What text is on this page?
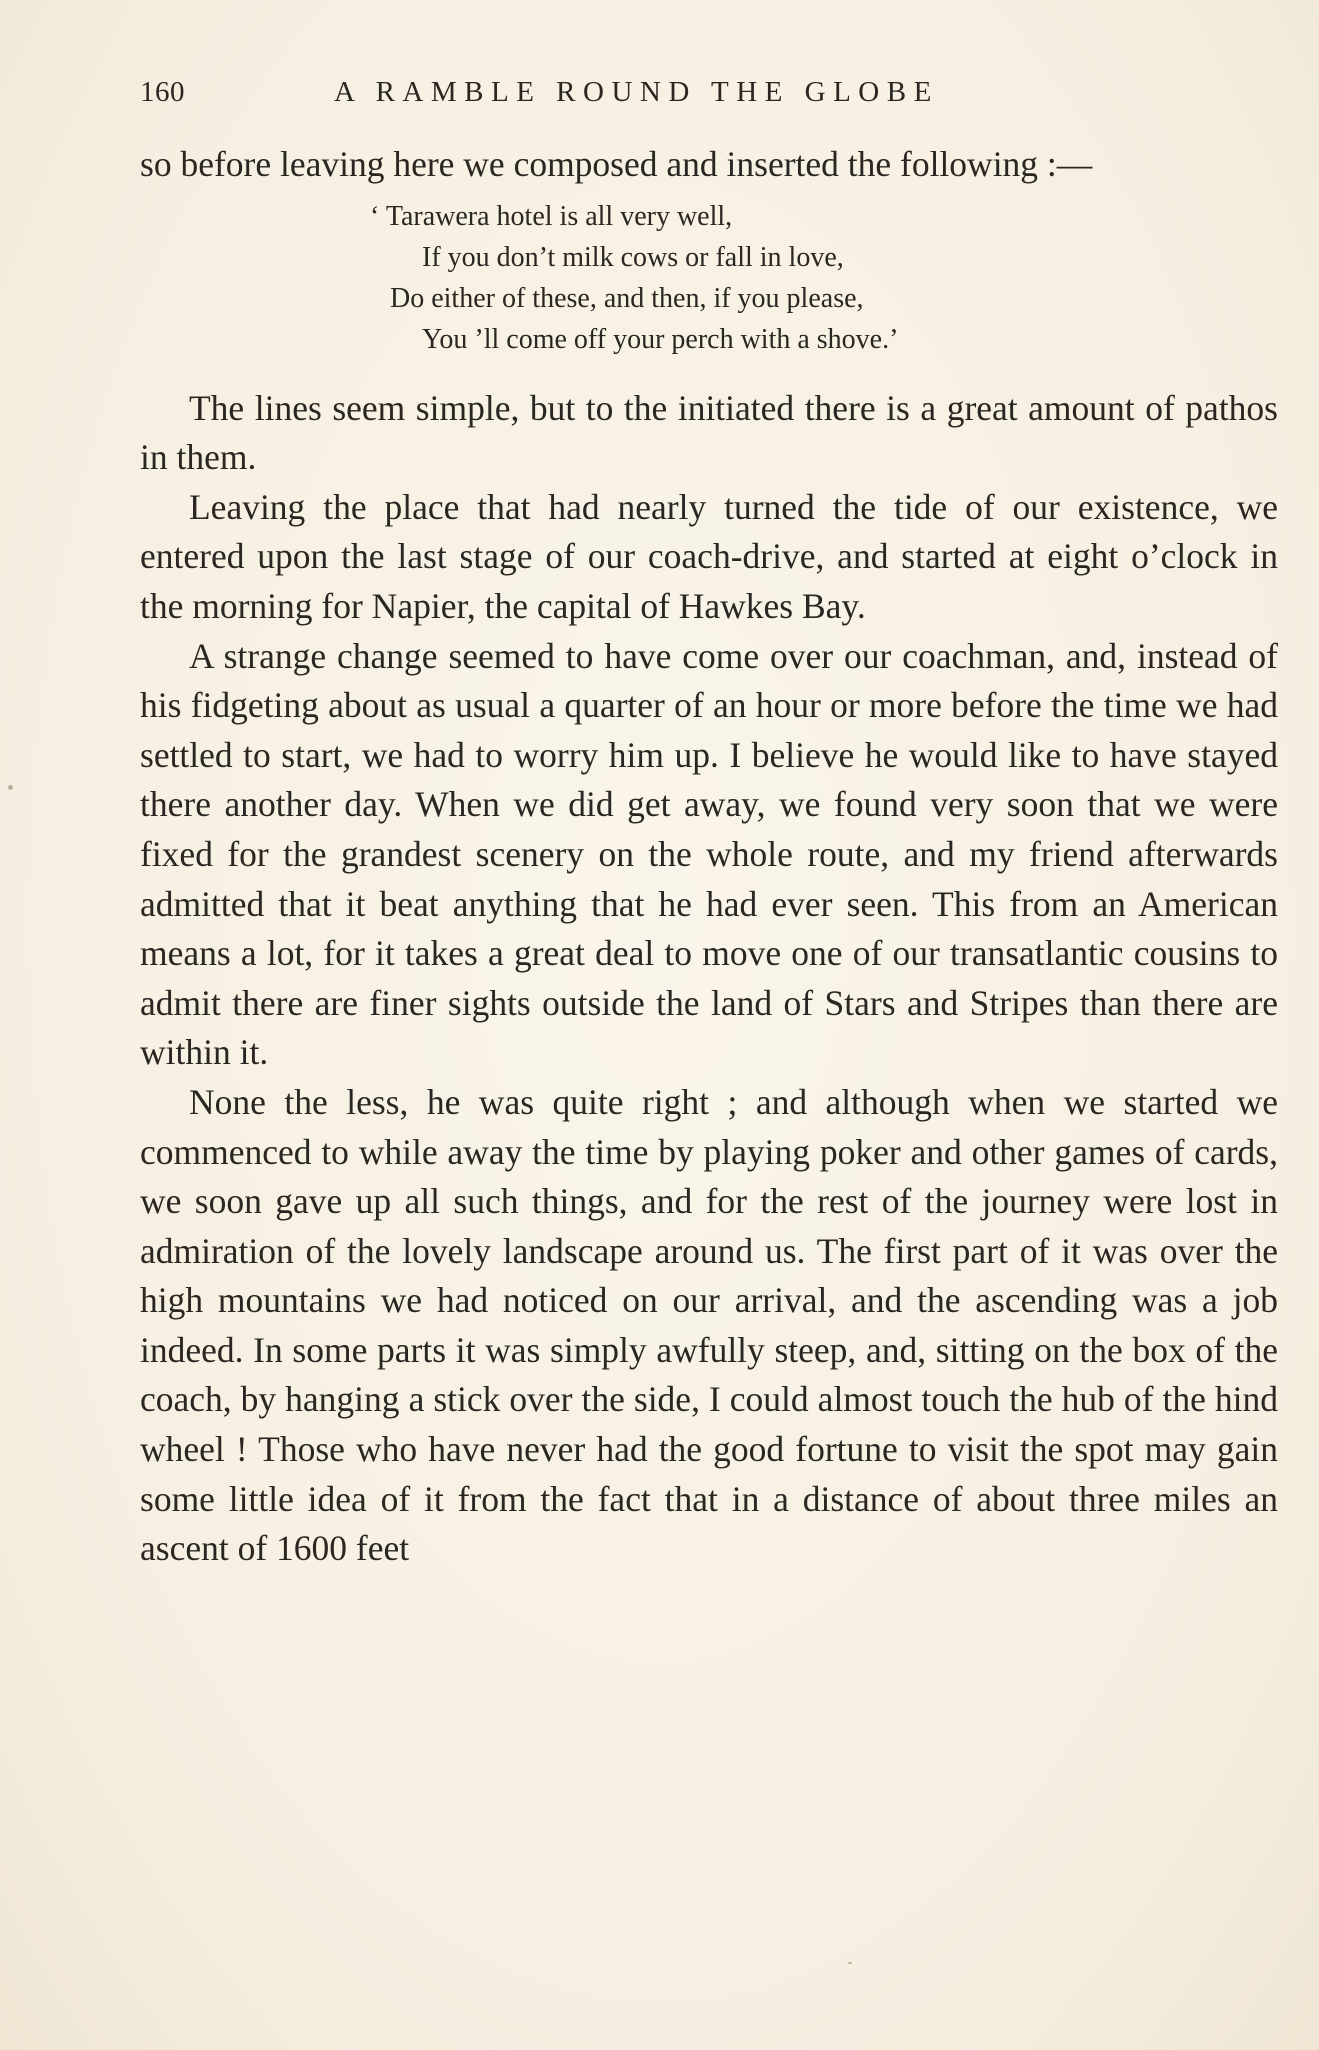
160	A RAMBLE ROUND THE GLOBE

so before leaving here we composed and inserted the following :—

‘ Tarawera hotel is all very well,
If you don’t milk cows or fall in love,
Do either of these, and then, if you please,
You ’ll come off your perch with a shove.’

The lines seem simple, but to the initiated there is a great amount of pathos in them.

Leaving the place that had nearly turned the tide of our existence, we entered upon the last stage of our coach-drive, and started at eight o’clock in the morning for Napier, the capital of Hawkes Bay.

A strange change seemed to have come over our coachman, and, instead of his fidgeting about as usual a quarter of an hour or more before the time we had settled to start, we had to worry him up. I believe he would like to have stayed there another day. When we did get away, we found very soon that we were fixed for the grandest scenery on the whole route, and my friend afterwards admitted that it beat anything that he had ever seen. This from an American means a lot, for it takes a great deal to move one of our transatlantic cousins to admit there are finer sights outside the land of Stars and Stripes than there are within it.

None the less, he was quite right ; and although when we started we commenced to while away the time by playing poker and other games of cards, we soon gave up all such things, and for the rest of the journey were lost in admiration of the lovely landscape around us. The first part of it was over the high mountains we had noticed on our arrival, and the ascending was a job indeed. In some parts it was simply awfully steep, and, sitting on the box of the coach, by hanging a stick over the side, I could almost touch the hub of the hind wheel ! Those who have never had the good fortune to visit the spot may gain some little idea of it from the fact that in a distance of about three miles an ascent of 1600 feet
